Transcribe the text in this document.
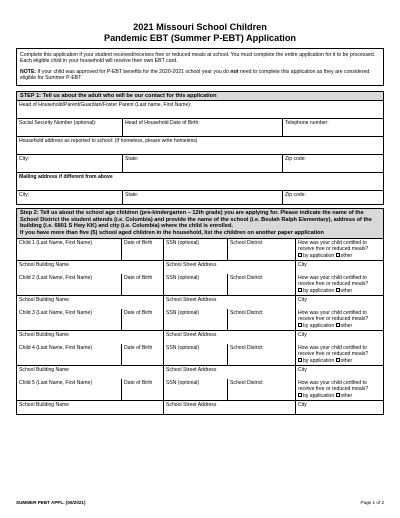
2021 Missouri School Children
Pandemic EBT (Summer P-EBT) Application

Complete this application if your student received/receives free or reduced meals at school. You must complete the entire application for it to be processed. Each eligible child in your household will receive their own EBT card.

NOTE: If your child was approved for P-EBT benefits for the 2020-2021 school year you do not need to complete this application as they are considered eligible for Summer P-EBT

STEP 1: Tell us about the adult who will be our contact for this application
Head of Household/Parent/Guardian/Foster Parent (Last name, First Name):
Social Security Number (optional):	Head of Household Date of Birth:	Telephone number:
Household address as reported to school: (If homeless, please write homeless)
City:	State:	Zip code:
Mailing address if different from above
City:	State:	Zip code:
Step 2: Tell us about the school age children (pre-kindergarten – 12th grade) you are applying for. Please indicate the name of the School District the student attends (i.e. Columbia) and provide the name of the school (i.e. Beulah Ralph Elementary), address of the building (i.e. 6801 S Hwy KK) and city (i.e. Columbia) where the child is enrolled.
If you have more than five (5) school aged children in the household, list the children on another paper application
Child 1 (Last Name, First Name)	Date of Birth	SSN (optional)	School District	How was your child certified to receive free or reduced meals?
by application other
School Building Name	School Street Address	City
Child 2 (Last Name, First Name)	Date of Birth	SSN (optional)	School District	How was your child certified to receive free or reduced meals?
by application other
School Building Name	School Street Address	City
Child 3 (Last Name, First Name)	Date of Birth	SSN (optional)	School District	How was your child certified to receive free or reduced meals?
by application other
School Building Name	School Street Address	City
Child 4 (Last Name, First Name)	Date of Birth	SSN (optional)	School District	How was your child certified to receive free or reduced meals?
by application other
School Building Name	School Street Address	City
Child 5 (Last Name, First Name)	Date of Birth	SSN (optional)	School District	How was your child certified to receive free or reduced meals?
by application other
School Building Name	School Street Address	City
SUMMER PEBT APPL. (06/2021)	Page 1 of 2
